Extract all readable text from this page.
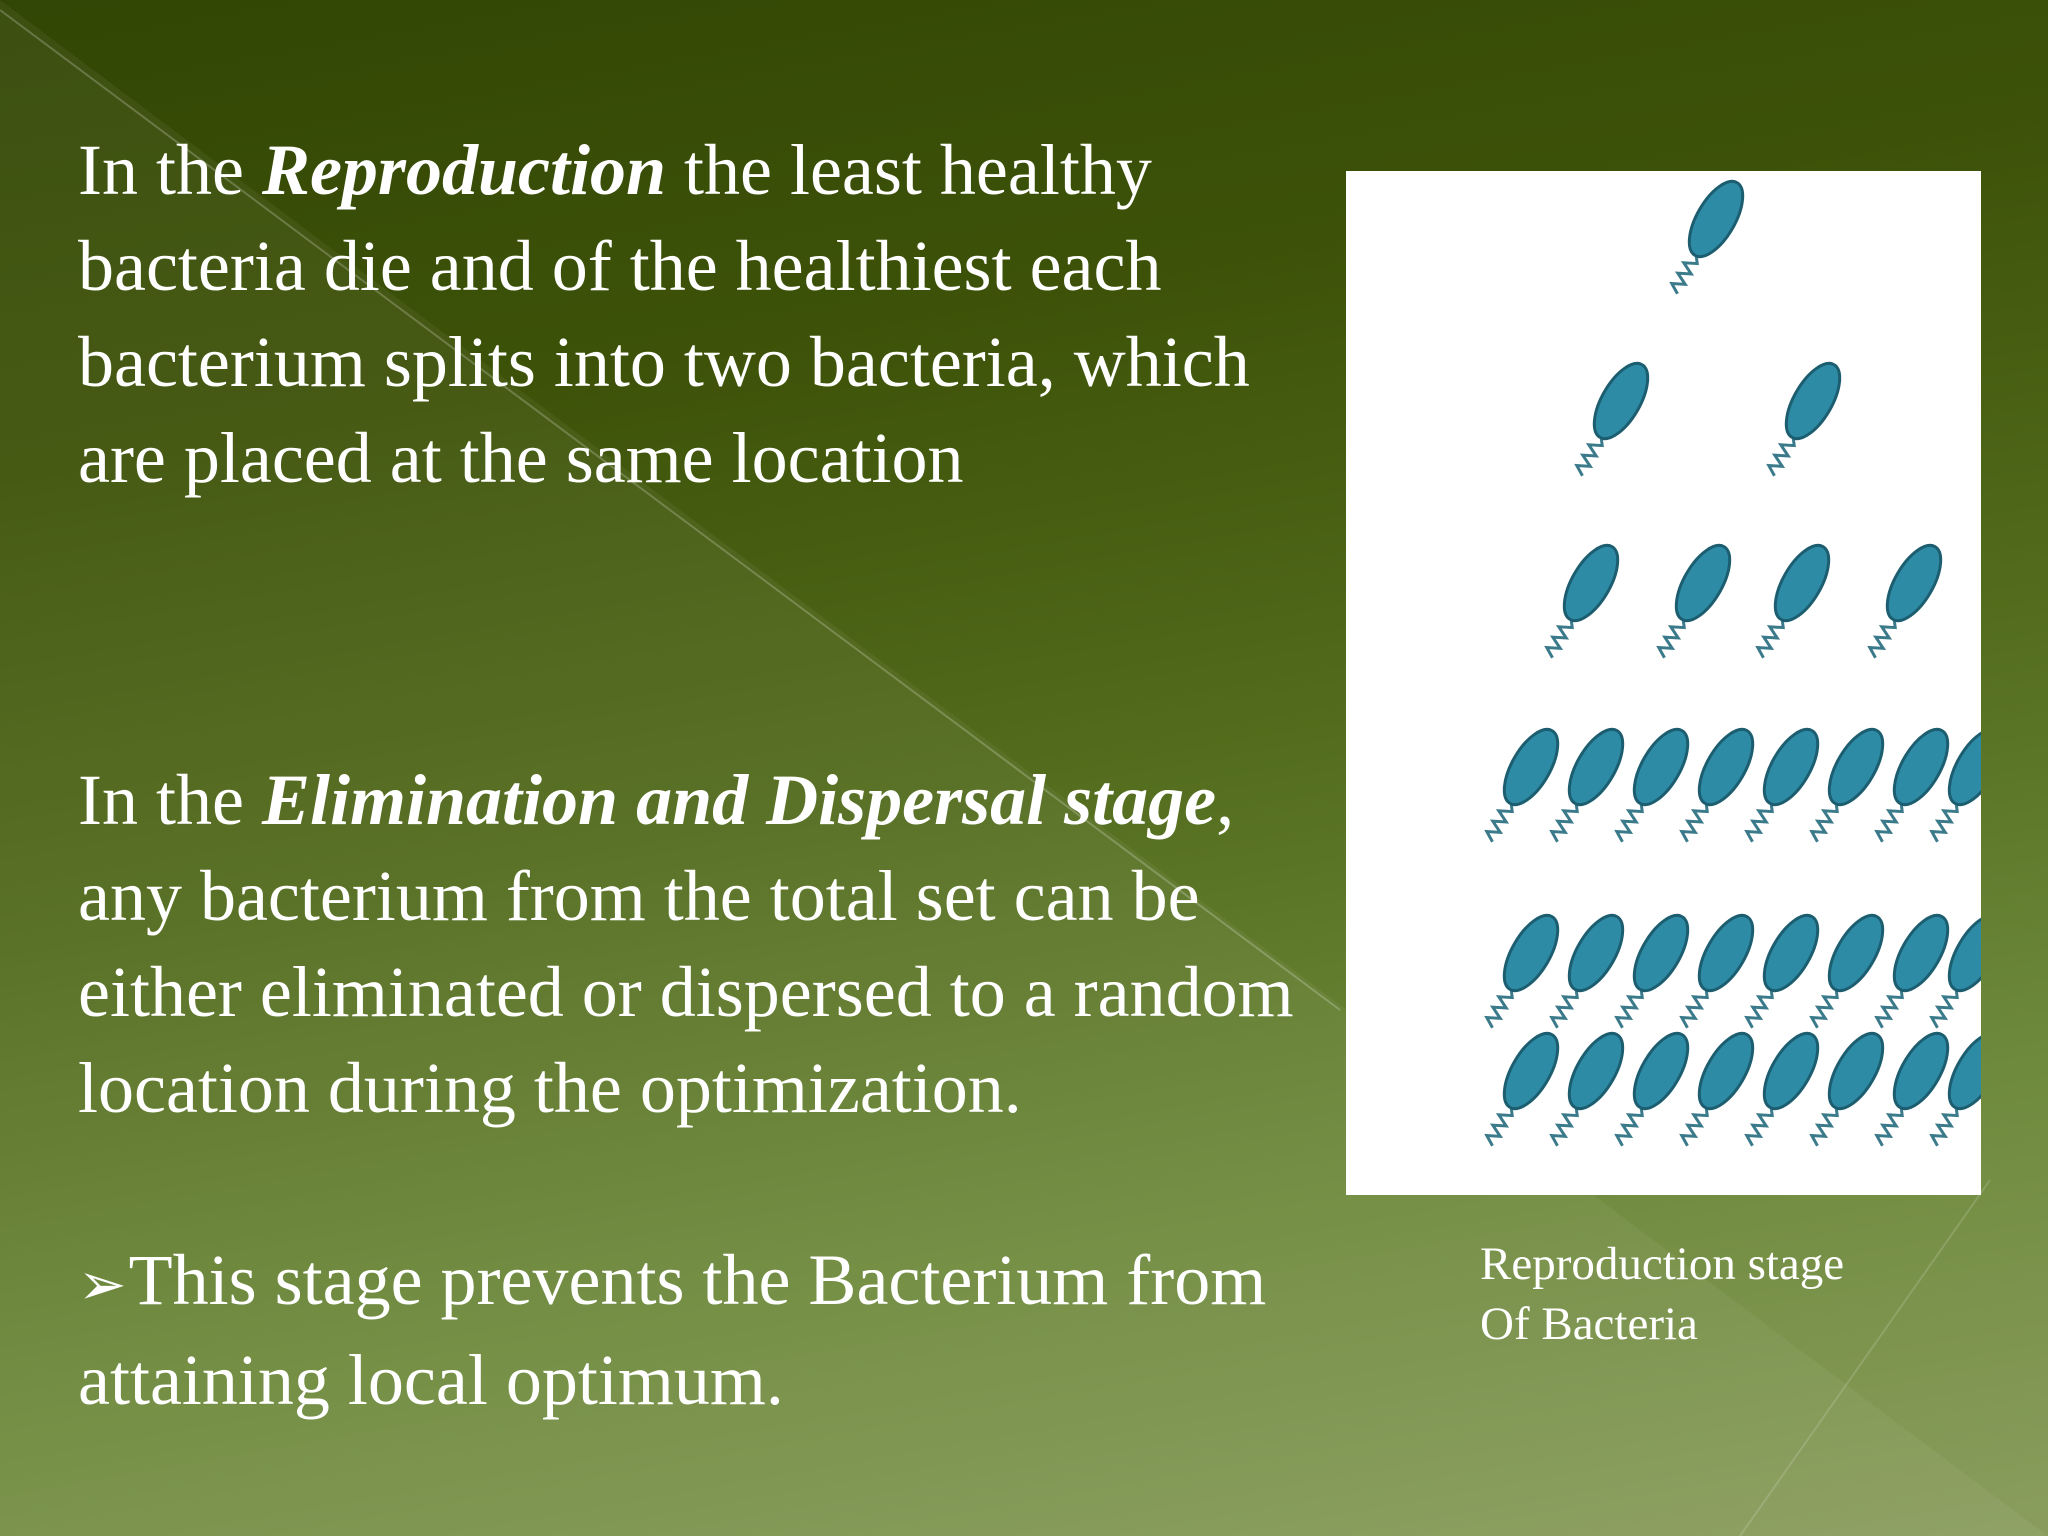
In the Reproduction the least healthy bacteria die and of the healthiest each bacterium splits into two bacteria, which are placed at the same location

In the Elimination and Dispersal stage, any bacterium from the total set can be either eliminated or dispersed to a random location during the optimization.

➢This stage prevents the Bacterium from attaining local optimum.

Reproduction stage
Of Bacteria
